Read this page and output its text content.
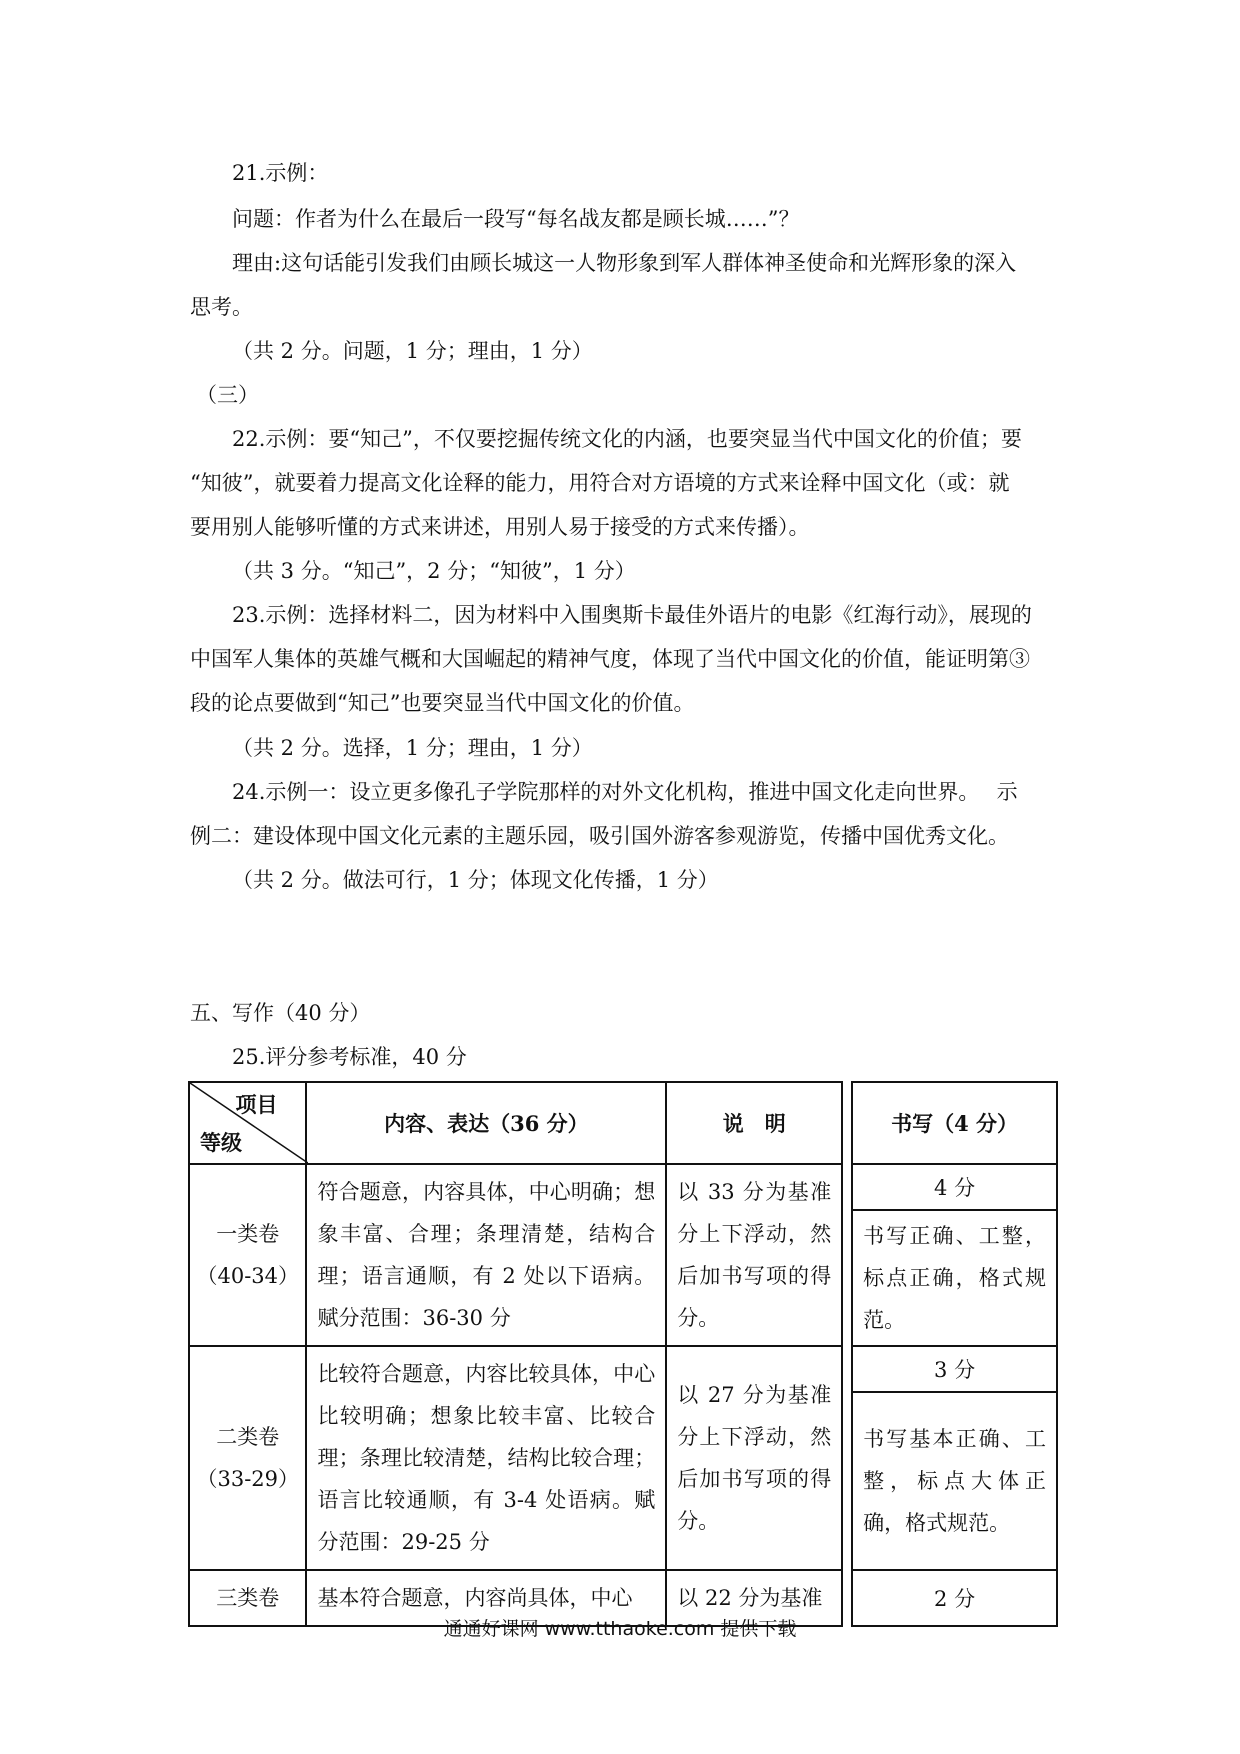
21.示例：
问题：作者为什么在最后一段写“每名战友都是顾长城……”？
理由:这句话能引发我们由顾长城这一人物形象到军人群体神圣使命和光辉形象的深入
思考。
（共 2 分。问题，1 分；理由，1 分）
（三）
22.示例：要“知己”，不仅要挖掘传统文化的内涵，也要突显当代中国文化的价值；要
“知彼”，就要着力提高文化诠释的能力，用符合对方语境的方式来诠释中国文化（或：就
要用别人能够听懂的方式来讲述，用别人易于接受的方式来传播）。
（共 3 分。“知己”，2 分；“知彼”，1 分）
23.示例：选择材料二，因为材料中入围奥斯卡最佳外语片的电影《红海行动》，展现的
中国军人集体的英雄气概和大国崛起的精神气度，体现了当代中国文化的价值，能证明第③
段的论点要做到“知己”也要突显当代中国文化的价值。
（共 2 分。选择，1 分；理由，1 分）
24.示例一：设立更多像孔子学院那样的对外文化机构，推进中国文化走向世界。　 示
例二：建设体现中国文化元素的主题乐园，吸引国外游客参观游览，传播中国优秀文化。
（共 2 分。做法可行，1 分；体现文化传播，1 分）
五、写作（40 分）
25.评分参考标准，40 分
项目
等级	内容、表达（36 分）	说　明		书写（4 分）

一类卷
（40-34）	符合题意，内容具体，中心明确；想象丰富、合理；条理清楚，结构合理；语言通顺，有 2 处以下语病。赋分范围：36-30 分	以 33 分为基准分上下浮动，然后加书写项的得分。		4 分
				书写正确、工整，标点正确，格式规范。

二类卷
（33-29）	比较符合题意，内容比较具体，中心比较明确；想象比较丰富、比较合理；条理比较清楚，结构比较合理；语言比较通顺，有 3-4 处语病。赋分范围：29-25 分	以 27 分为基准分上下浮动，然后加书写项的得分。		3 分
				书写基本正确、工整，标点大体正确，格式规范。
三类卷	基本符合题意，内容尚具体，中心	以 22 分为基准		2 分
通通好课网 www.tthaoke.com 提供下载
